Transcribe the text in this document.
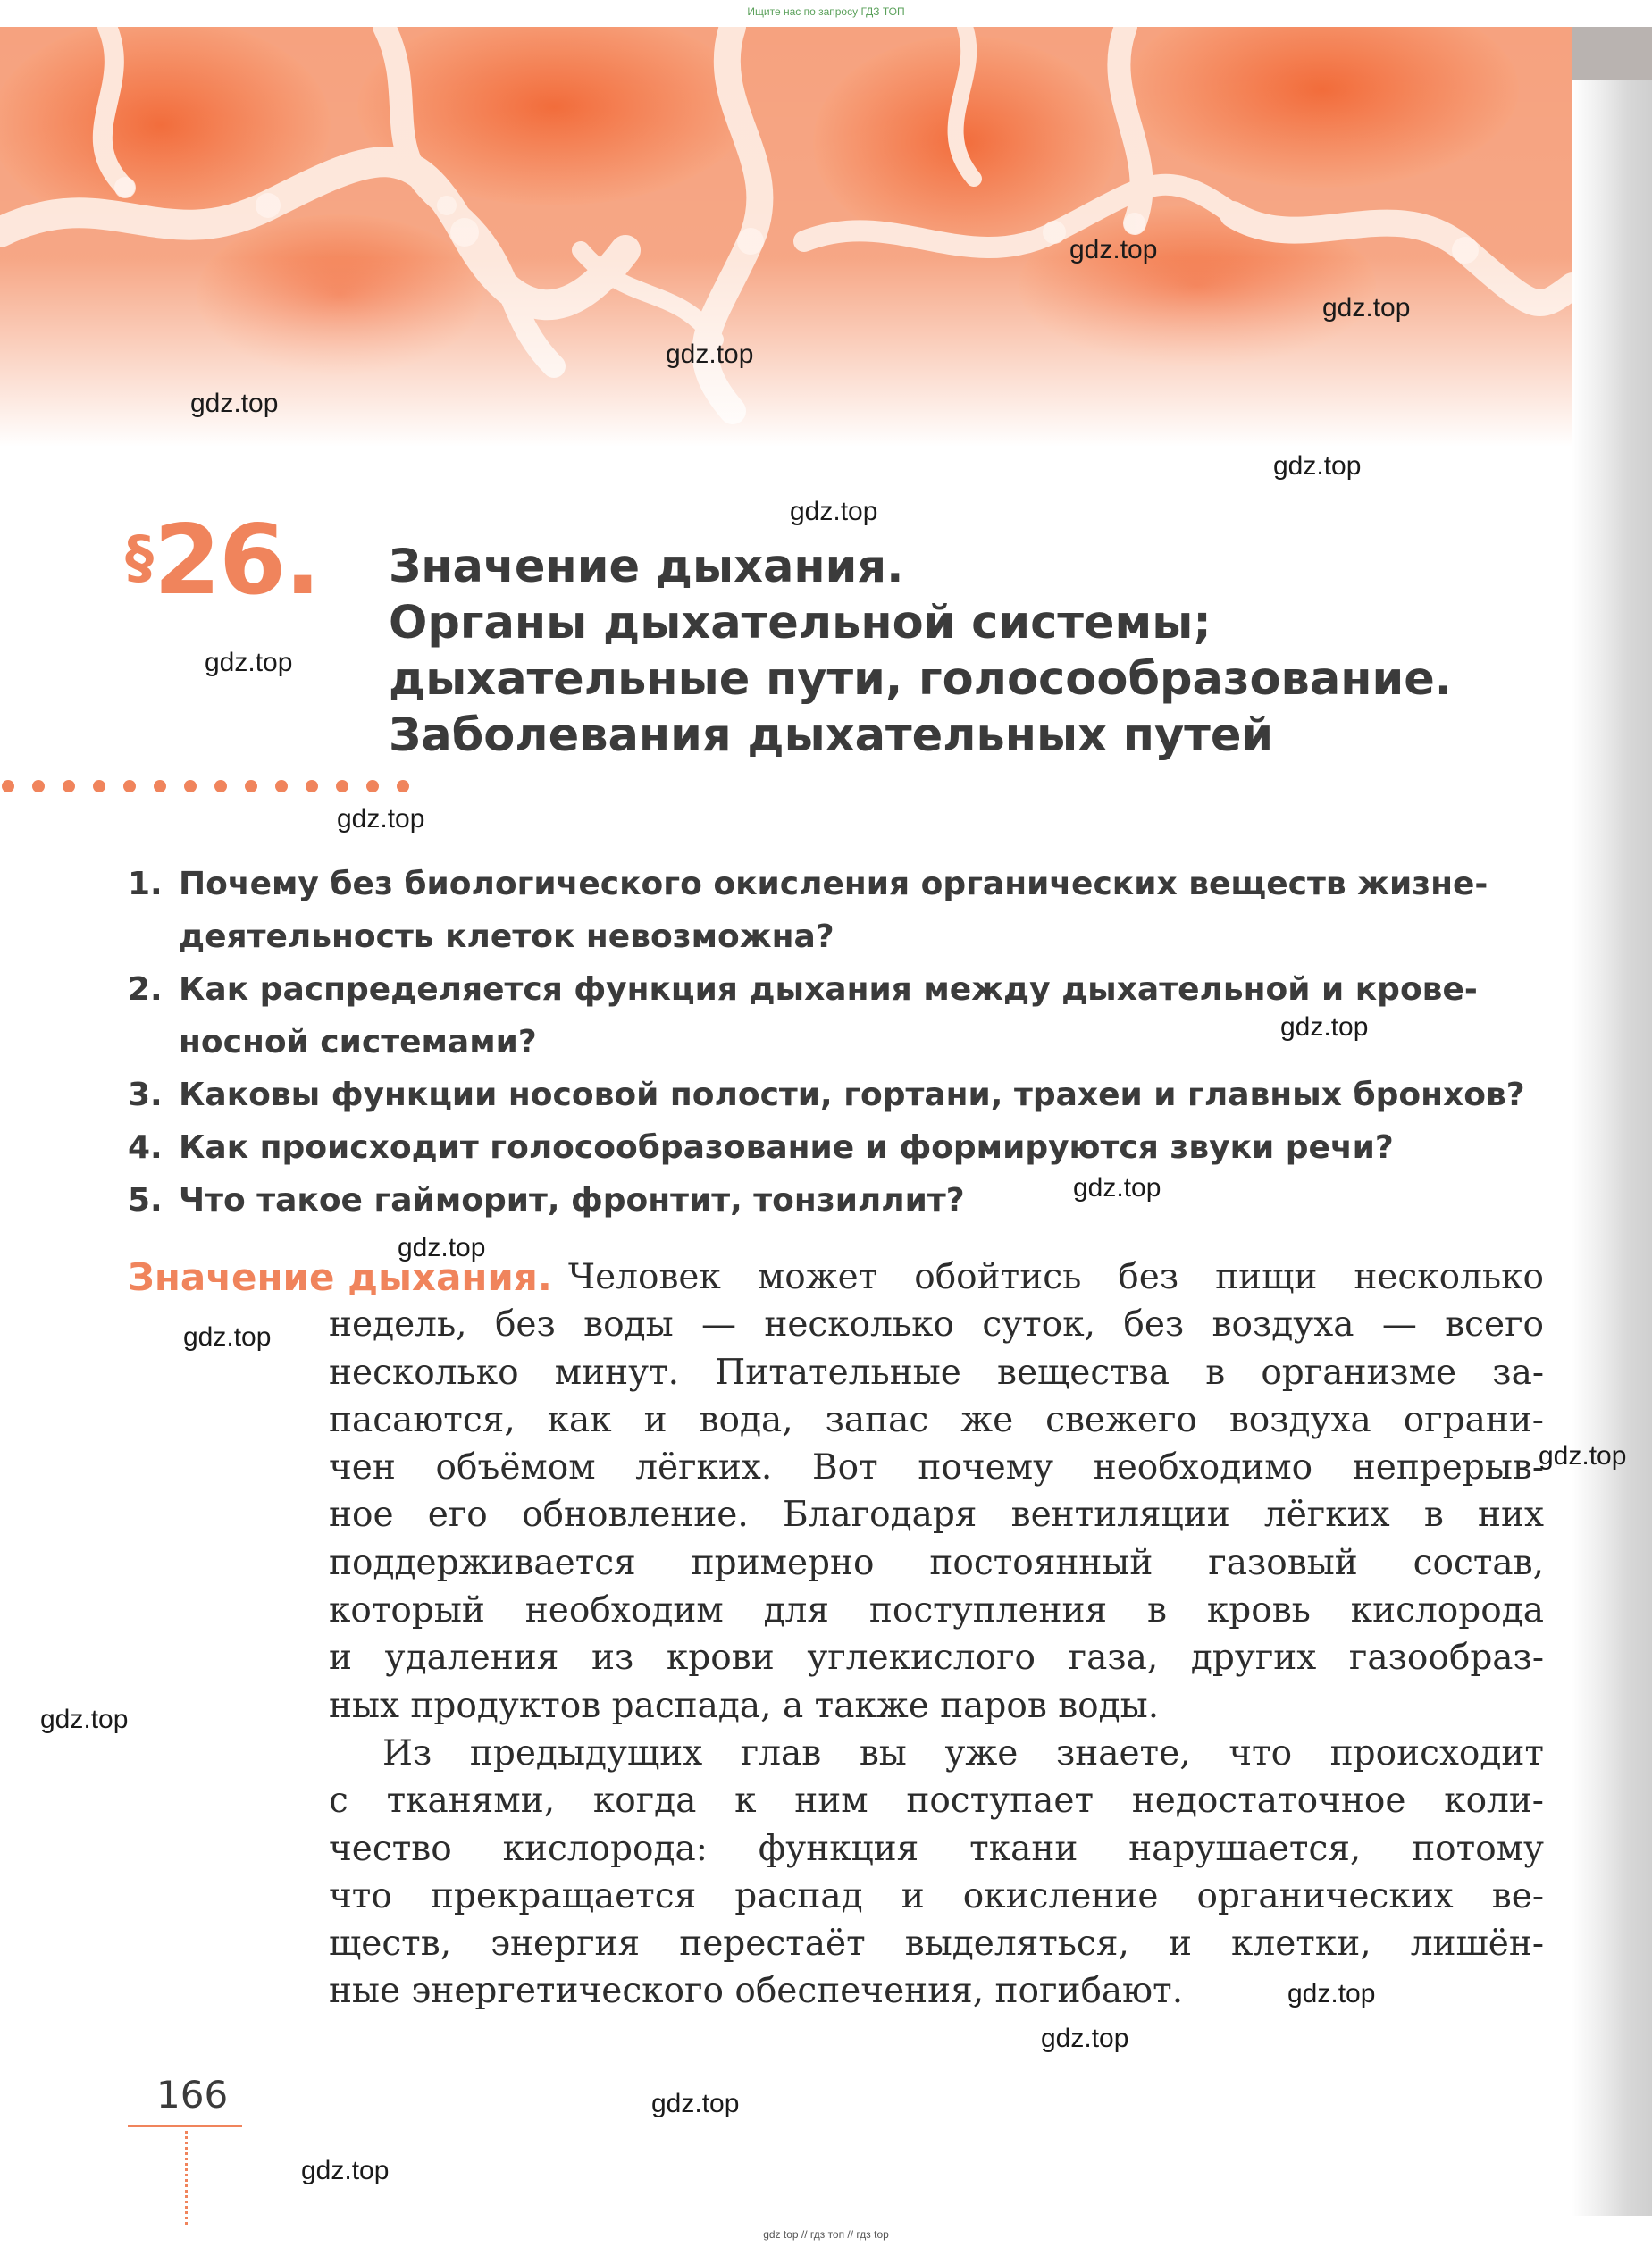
Ищите нас по запросу ГДЗ ТОП
§26. Значение дыхания.
Органы дыхательной системы;
дыхательные пути, голосообразование.
Заболевания дыхательных путей
1. Почему без биологического окисления органических веществ жизне-
деятельность клеток невозможна?
2. Как распределяется функция дыхания между дыхательной и крове-
носной системами?
3. Каковы функции носовой полости, гортани, трахеи и главных бронхов?
4. Как происходит голосообразование и формируются звуки речи?
5. Что такое гайморит, фронтит, тонзиллит?
Значение дыхания. Человек может обойтись без пищи несколько
недель, без воды — несколько суток, без воздуха — всего
несколько минут. Питательные вещества в организме за-
пасаются, как и вода, запас же свежего воздуха ограни-
чен объёмом лёгких. Вот почему необходимо непрерыв-
ное его обновление. Благодаря вентиляции лёгких в них
поддерживается примерно постоянный газовый состав,
который необходим для поступления в кровь кислорода
и удаления из крови углекислого газа, других газообраз-
ных продуктов распада, а также паров воды.
Из предыдущих глав вы уже знаете, что происходит
с тканями, когда к ним поступает недостаточное коли-
чество кислорода: функция ткани нарушается, потому
что прекращается распад и окисление органических ве-
ществ, энергия перестаёт выделяться, и клетки, лишён-
ные энергетического обеспечения, погибают.
166
gdz.top
gdz.top
gdz.top
gdz.top
gdz.top
gdz.top
gdz.top
gdz.top
gdz.top
gdz.top
gdz.top
gdz.top
gdz.top
gdz.top
gdz.top
gdz.top
gdz.top
gdz.top
gdz top // гдз топ // гдз top
